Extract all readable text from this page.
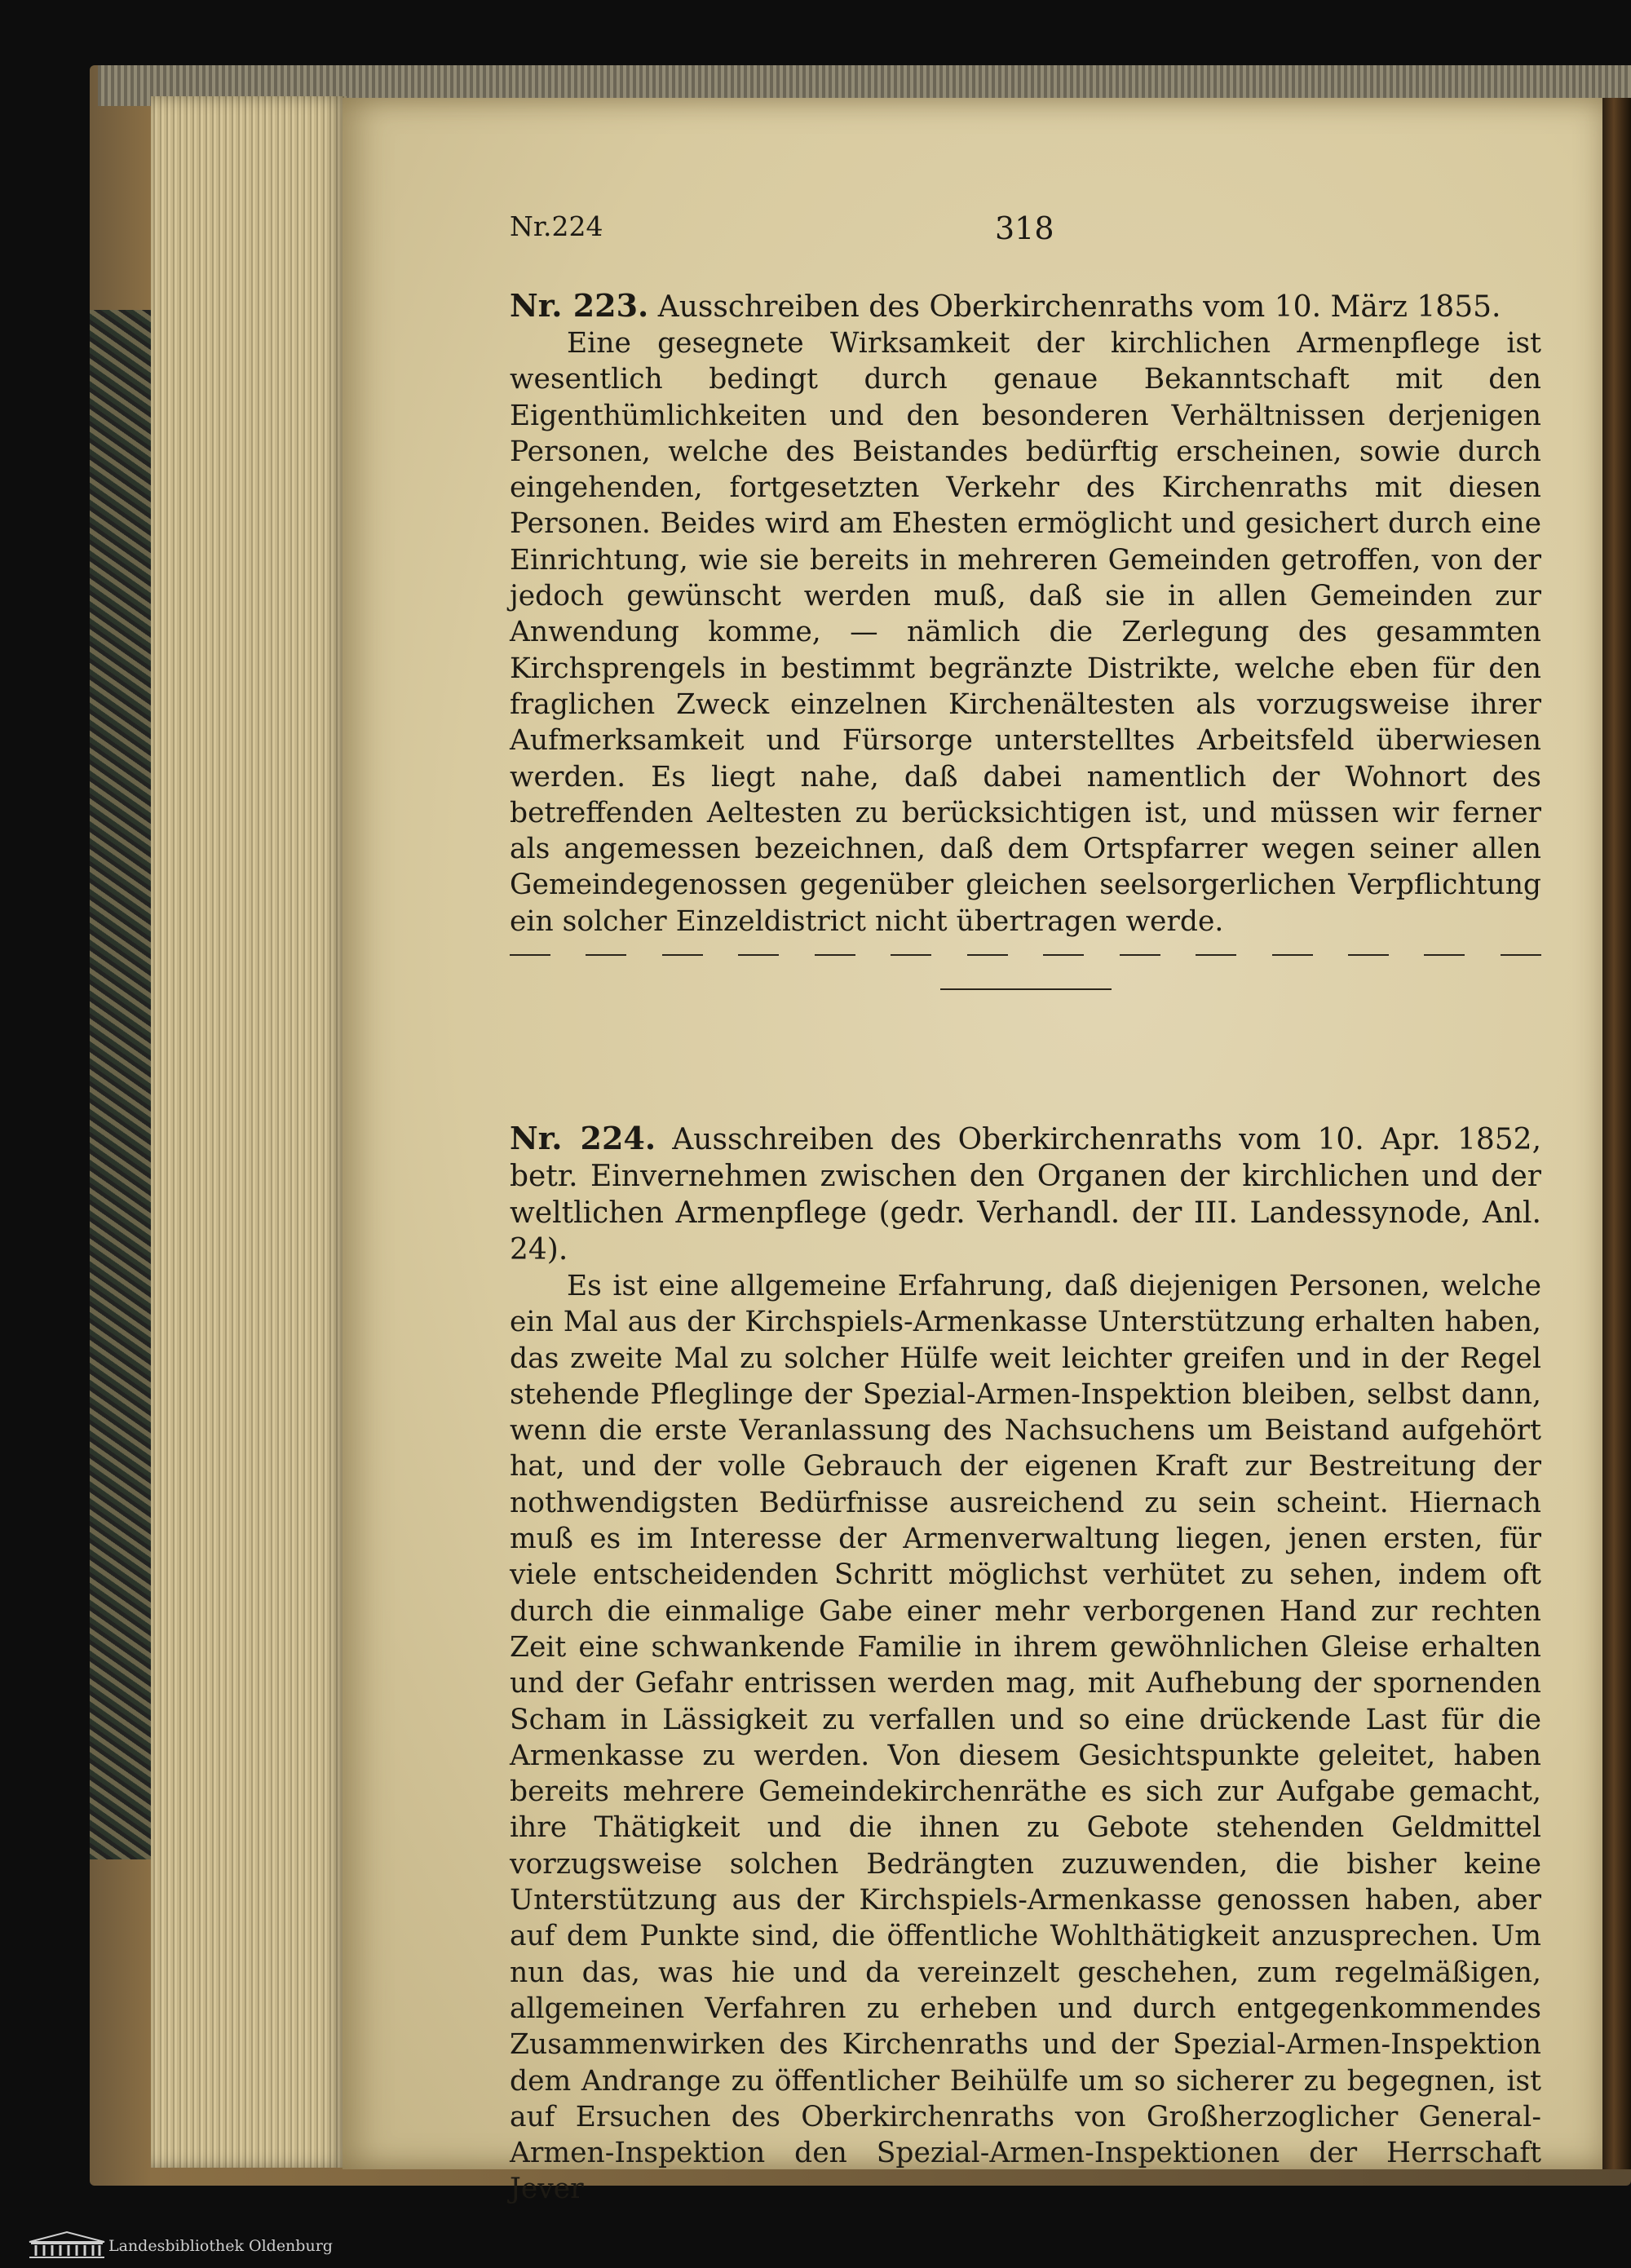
Nr.224	318
Nr. 223. Ausschreiben des Oberkirchenraths vom 10. März 1855.

Eine gesegnete Wirksamkeit der kirchlichen Armenpflege ist wesentlich bedingt durch genaue Bekanntschaft mit den Eigenthümlichkeiten und den besonderen Verhältnissen derjenigen Personen, welche des Beistandes bedürftig erscheinen, sowie durch eingehenden, fortgesetzten Verkehr des Kirchenraths mit diesen Personen. Beides wird am Ehesten ermöglicht und gesichert durch eine Einrichtung, wie sie bereits in mehreren Gemeinden getroffen, von der jedoch gewünscht werden muß, daß sie in allen Gemeinden zur Anwendung komme, — nämlich die Zerlegung des gesammten Kirchsprengels in bestimmt begränzte Distrikte, welche eben für den fraglichen Zweck einzelnen Kirchenältesten als vorzugsweise ihrer Aufmerksamkeit und Fürsorge unterstelltes Arbeitsfeld überwiesen werden. Es liegt nahe, daß dabei namentlich der Wohnort des betreffenden Aeltesten zu berücksichtigen ist, und müssen wir ferner als angemessen bezeichnen, daß dem Ortspfarrer wegen seiner allen Gemeindegenossen gegenüber gleichen seelsorgerlichen Verpflichtung ein solcher Einzeldistrict nicht übertragen werde.

Nr. 224. Ausschreiben des Oberkirchenraths vom 10. Apr. 1852, betr. Einvernehmen zwischen den Organen der kirchlichen und der weltlichen Armenpflege (gedr. Verhandl. der III. Landessynode, Anl. 24).

Es ist eine allgemeine Erfahrung, daß diejenigen Personen, welche ein Mal aus der Kirchspiels-Armenkasse Unterstützung erhalten haben, das zweite Mal zu solcher Hülfe weit leichter greifen und in der Regel stehende Pfleglinge der Spezial-Armen-Inspektion bleiben, selbst dann, wenn die erste Veranlassung des Nachsuchens um Beistand aufgehört hat, und der volle Gebrauch der eigenen Kraft zur Bestreitung der nothwendigsten Bedürfnisse ausreichend zu sein scheint. Hiernach muß es im Interesse der Armenverwaltung liegen, jenen ersten, für viele entscheidenden Schritt möglichst verhütet zu sehen, indem oft durch die einmalige Gabe einer mehr verborgenen Hand zur rechten Zeit eine schwankende Familie in ihrem gewöhnlichen Gleise erhalten und der Gefahr entrissen werden mag, mit Aufhebung der spornenden Scham in Lässigkeit zu verfallen und so eine drückende Last für die Armenkasse zu werden. Von diesem Gesichtspunkte geleitet, haben bereits mehrere Gemeindekirchenräthe es sich zur Aufgabe gemacht, ihre Thätigkeit und die ihnen zu Gebote stehenden Geldmittel vorzugsweise solchen Bedrängten zuzuwenden, die bisher keine Unterstützung aus der Kirchspiels-Armenkasse genossen haben, aber auf dem Punkte sind, die öffentliche Wohlthätigkeit anzusprechen. Um nun das, was hie und da vereinzelt geschehen, zum regelmäßigen, allgemeinen Verfahren zu erheben und durch entgegenkommendes Zusammenwirken des Kirchenraths und der Spezial-Armen-Inspektion dem Andrange zu öffentlicher Beihülfe um so sicherer zu begegnen, ist auf Ersuchen des Oberkirchenraths von Großherzoglicher General-Armen-Inspektion den Spezial-Armen-Inspektionen der Herrschaft Jever

Landesbibliothek Oldenburg
